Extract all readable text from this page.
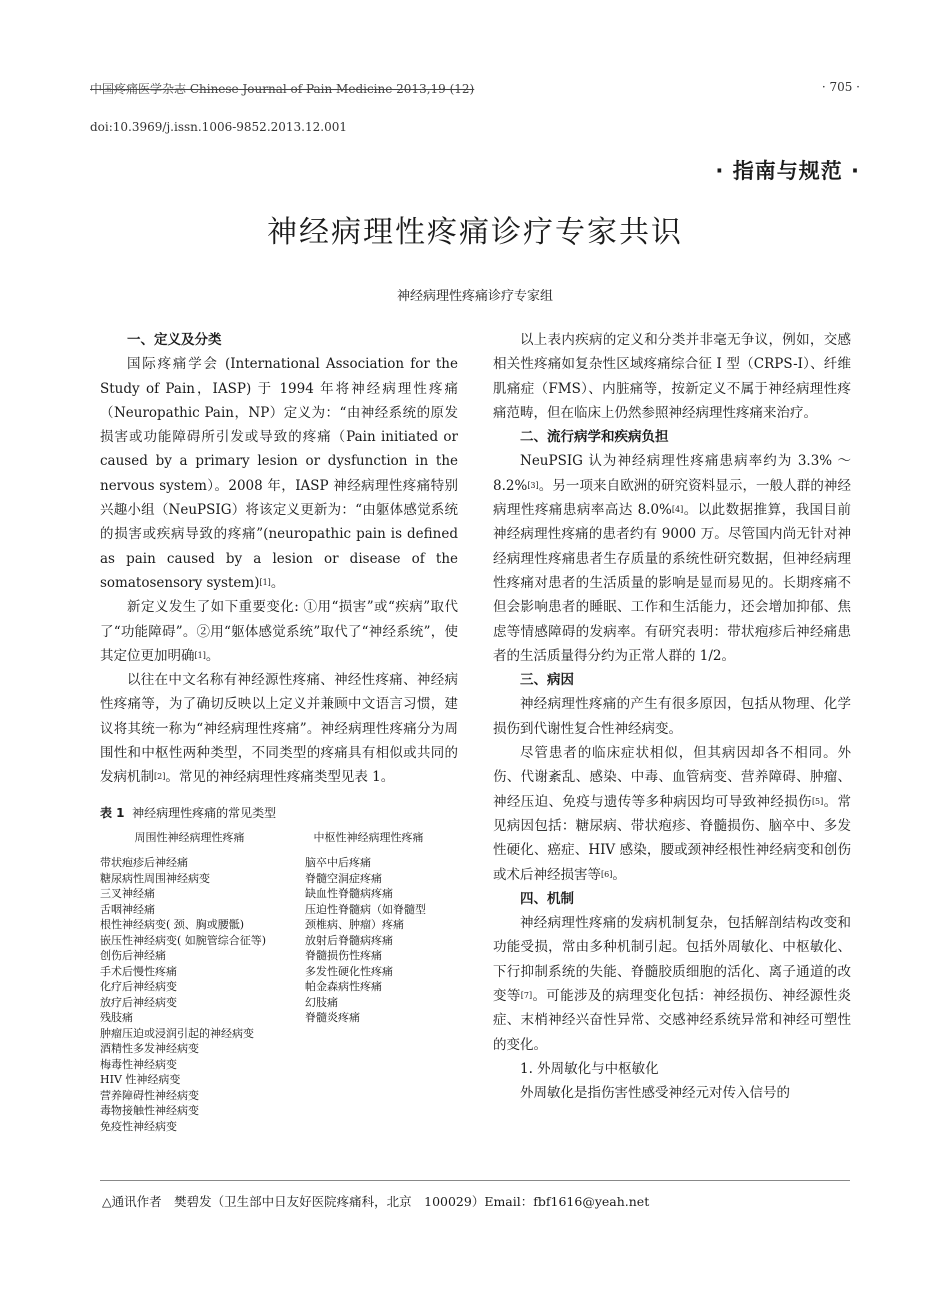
中国疼痛医学杂志 Chinese Journal of Pain Medicine 2013,19 (12)	· 705 ·
doi:10.3969/j.issn.1006-9852.2013.12.001
· 指南与规范 ·
神经病理性疼痛诊疗专家共识
神经病理性疼痛诊疗专家组
一、定义及分类

国际疼痛学会 (International Association for the Study of Pain，IASP) 于 1994 年将神经病理性疼痛（Neuropathic Pain，NP）定义为：“由神经系统的原发损害或功能障碍所引发或导致的疼痛（Pain initiated or caused by a primary lesion or dysfunction in the nervous system）。2008 年，IASP 神经病理性疼痛特别兴趣小组（NeuPSIG）将该定义更新为：“由躯体感觉系统的损害或疾病导致的疼痛”(neuropathic pain is defined as pain caused by a lesion or disease of the somatosensory system)[1]。

新定义发生了如下重要变化: ①用“损害”或“疾病”取代了“功能障碍”。②用“躯体感觉系统”取代了“神经系统”，使其定位更加明确[1]。

以往在中文名称有神经源性疼痛、神经性疼痛、神经病性疼痛等，为了确切反映以上定义并兼顾中文语言习惯，建议将其统一称为“神经病理性疼痛”。神经病理性疼痛分为周围性和中枢性两种类型，不同类型的疼痛具有相似或共同的发病机制[2]。常见的神经病理性疼痛类型见表 1。

表 1 神经病理性疼痛的常见类型
周围性神经病理性疼痛	中枢性神经病理性疼痛
带状疱疹后神经痛
糖尿病性周围神经病变
三叉神经痛
舌咽神经痛
根性神经病变( 颈、胸或腰骶)
嵌压性神经病变( 如腕管综合征等)
创伤后神经痛
手术后慢性疼痛
化疗后神经病变
放疗后神经病变
残肢痛
肿瘤压迫或浸润引起的神经病变
酒精性多发神经病变
梅毒性神经病变
HIV 性神经病变
营养障碍性神经病变
毒物接触性神经病变
免疫性神经病变
脑卒中后疼痛
脊髓空洞症疼痛
缺血性脊髓病疼痛
压迫性脊髓病（如脊髓型
颈椎病、肿瘤）疼痛
放射后脊髓病疼痛
脊髓损伤性疼痛
多发性硬化性疼痛
帕金森病性疼痛
幻肢痛
脊髓炎疼痛

以上表内疾病的定义和分类并非毫无争议，例如，交感相关性疼痛如复杂性区域疼痛综合征 I 型（CRPS-I）、纤维肌痛症（FMS）、内脏痛等，按新定义不属于神经病理性疼痛范畴，但在临床上仍然参照神经病理性疼痛来治疗。

二、流行病学和疾病负担

NeuPSIG 认为神经病理性疼痛患病率约为 3.3% ～ 8.2%[3]。另一项来自欧洲的研究资料显示，一般人群的神经病理性疼痛患病率高达 8.0%[4]。以此数据推算，我国目前神经病理性疼痛的患者约有 9000 万。尽管国内尚无针对神经病理性疼痛患者生存质量的系统性研究数据，但神经病理性疼痛对患者的生活质量的影响是显而易见的。长期疼痛不但会影响患者的睡眠、工作和生活能力，还会增加抑郁、焦虑等情感障碍的发病率。有研究表明：带状疱疹后神经痛患者的生活质量得分约为正常人群的 1/2。

三、病因

神经病理性疼痛的产生有很多原因，包括从物理、化学损伤到代谢性复合性神经病变。

尽管患者的临床症状相似，但其病因却各不相同。外伤、代谢紊乱、感染、中毒、血管病变、营养障碍、肿瘤、神经压迫、免疫与遗传等多种病因均可导致神经损伤[5]。常见病因包括：糖尿病、带状疱疹、脊髓损伤、脑卒中、多发性硬化、癌症、HIV 感染，腰或颈神经根性神经病变和创伤或术后神经损害等[6]。

四、机制

神经病理性疼痛的发病机制复杂，包括解剖结构改变和功能受损，常由多种机制引起。包括外周敏化、中枢敏化、下行抑制系统的失能、脊髓胶质细胞的活化、离子通道的改变等[7]。可能涉及的病理变化包括：神经损伤、神经源性炎症、末梢神经兴奋性异常、交感神经系统异常和神经可塑性的变化。

1. 外周敏化与中枢敏化

外周敏化是指伤害性感受神经元对传入信号的

△通讯作者　樊碧发（卫生部中日友好医院疼痛科，北京　100029）Email：fbf1616@yeah.net
